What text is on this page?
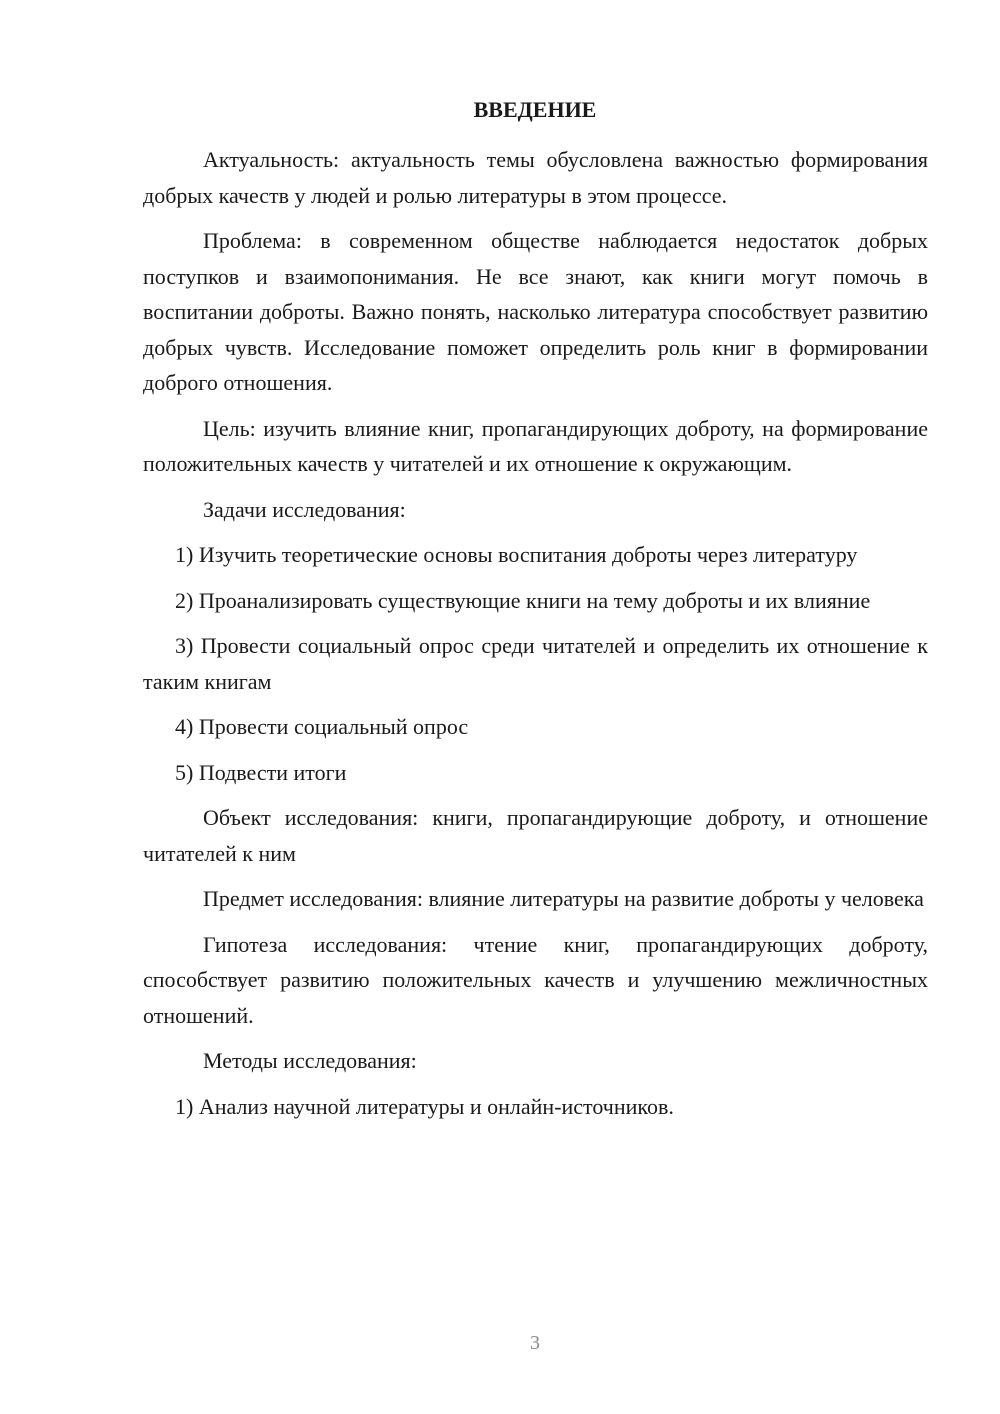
ВВЕДЕНИЕ

Актуальность: актуальность темы обусловлена важностью формирования добрых качеств у людей и ролью литературы в этом процессе.

Проблема: в современном обществе наблюдается недостаток добрых поступков и взаимопонимания. Не все знают, как книги могут помочь в воспитании доброты. Важно понять, насколько литература способствует развитию добрых чувств. Исследование поможет определить роль книг в формировании доброго отношения.

Цель: изучить влияние книг, пропагандирующих доброту, на формирование положительных качеств у читателей и их отношение к окружающим.

Задачи исследования:

1) Изучить теоретические основы воспитания доброты через литературу

2) Проанализировать существующие книги на тему доброты и их влияние

3) Провести социальный опрос среди читателей и определить их отношение к таким книгам

4) Провести социальный опрос

5) Подвести итоги

Объект исследования: книги, пропагандирующие доброту, и отношение читателей к ним

Предмет исследования: влияние литературы на развитие доброты у человека

Гипотеза исследования: чтение книг, пропагандирующих доброту, способствует развитию положительных качеств и улучшению межличностных отношений.

Методы исследования:

1) Анализ научной литературы и онлайн-источников.

3
